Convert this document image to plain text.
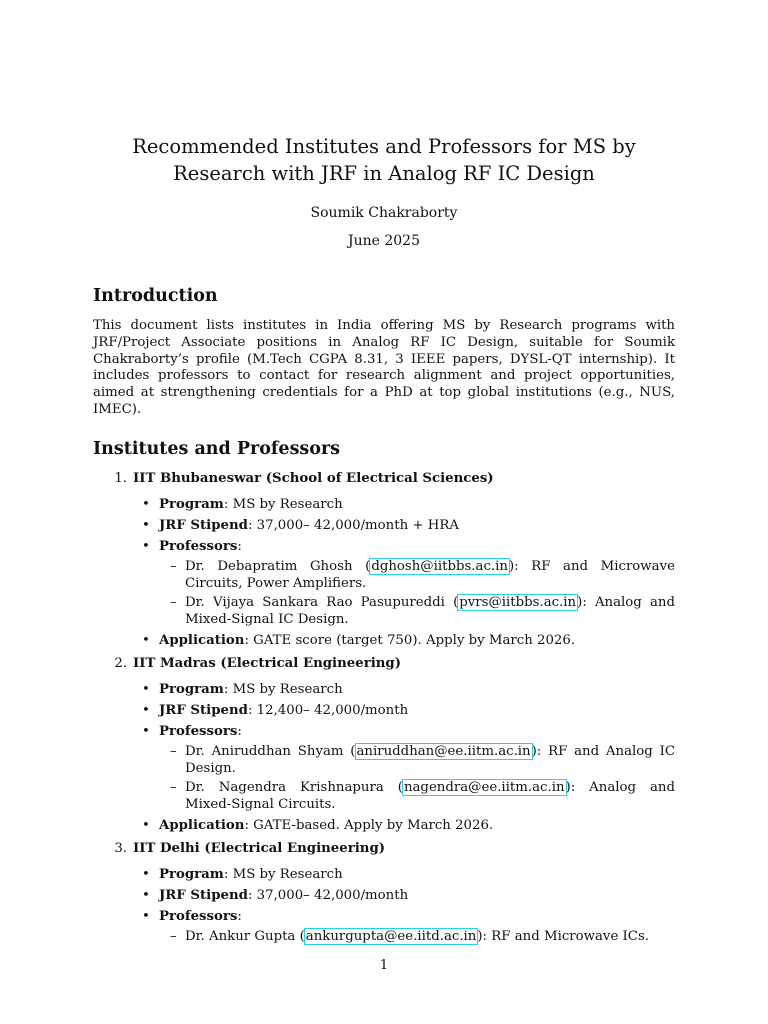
Recommended Institutes and Professors for MS by Research with JRF in Analog RF IC Design
Soumik Chakraborty
June 2025
Introduction

This document lists institutes in India offering MS by Research programs with JRF/Project Associate positions in Analog RF IC Design, suitable for Soumik Chakraborty’s profile (M.Tech CGPA 8.31, 3 IEEE papers, DYSL-QT internship). It includes professors to contact for research alignment and project opportunities, aimed at strengthening credentials for a PhD at top global institutions (e.g., NUS, IMEC).

Institutes and Professors
1. IIT Bhubaneswar (School of Electrical Sciences)
• Program: MS by Research
• JRF Stipend: 37,000– 42,000/month + HRA
• Professors:
– Dr. Debapratim Ghosh (dghosh@iitbbs.ac.in): RF and Microwave Circuits, Power Amplifiers.
– Dr. Vijaya Sankara Rao Pasupureddi (pvrs@iitbbs.ac.in): Analog and Mixed-Signal IC Design.
• Application: GATE score (target 750). Apply by March 2026.
2. IIT Madras (Electrical Engineering)
• Program: MS by Research
• JRF Stipend: 12,400– 42,000/month
• Professors:
– Dr. Aniruddhan Shyam (aniruddhan@ee.iitm.ac.in): RF and Analog IC Design.
– Dr. Nagendra Krishnapura (nagendra@ee.iitm.ac.in): Analog and Mixed-Signal Circuits.
• Application: GATE-based. Apply by March 2026.
3. IIT Delhi (Electrical Engineering)
• Program: MS by Research
• JRF Stipend: 37,000– 42,000/month
• Professors:
– Dr. Ankur Gupta (ankurgupta@ee.iitd.ac.in): RF and Microwave ICs.
1
